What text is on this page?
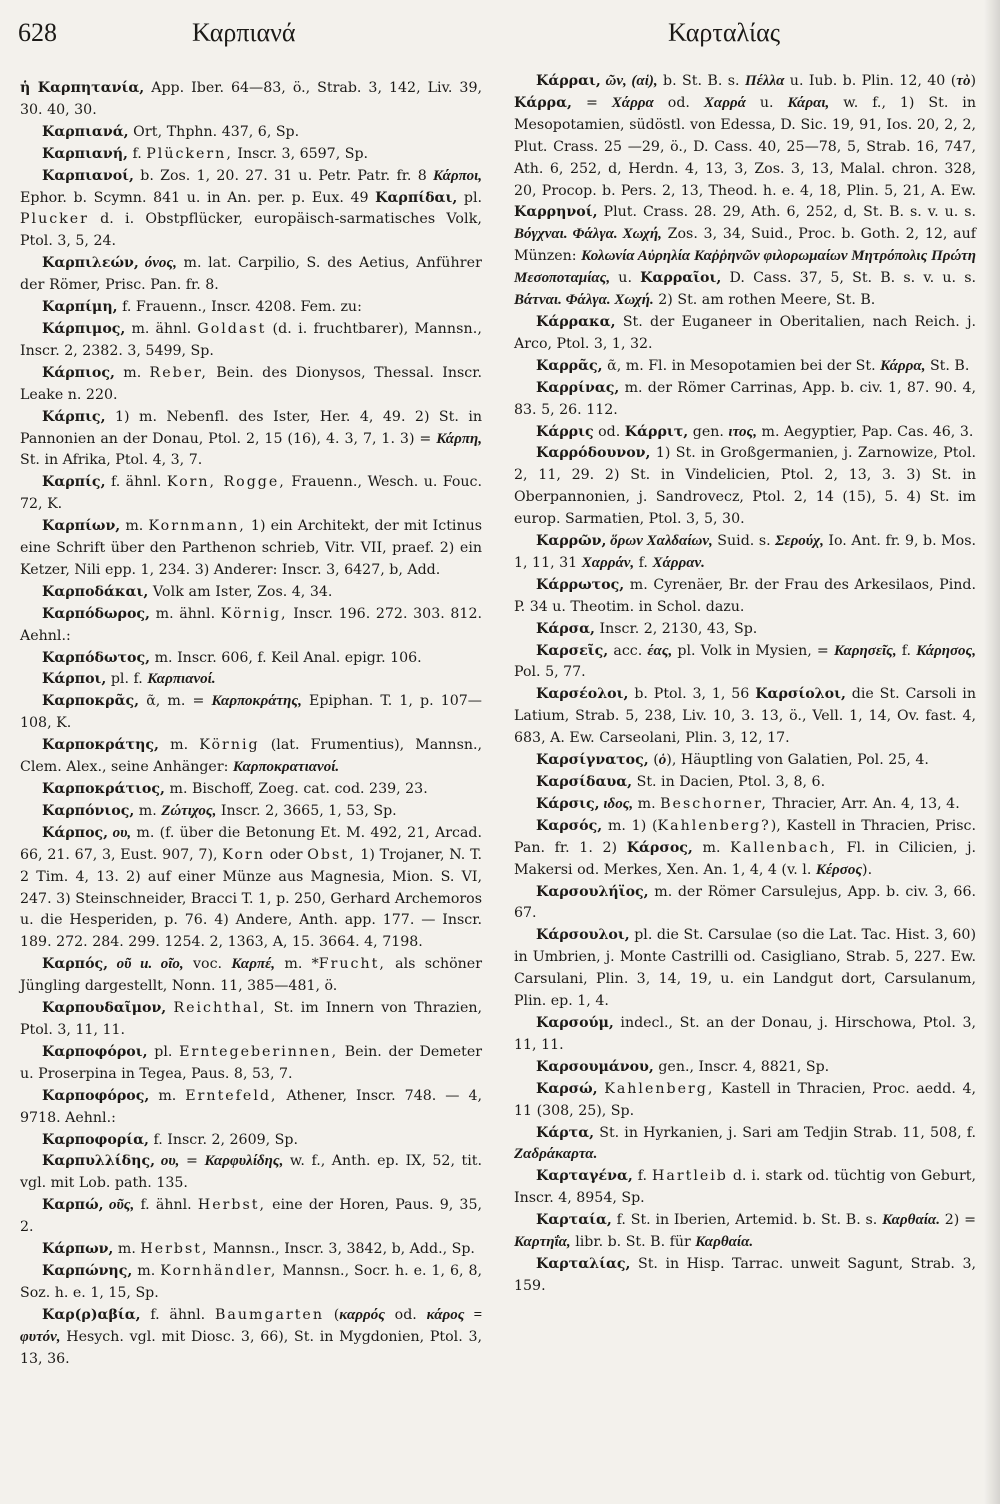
628	Καρπιανά	Καρταλίας

ἡ Καρπητανία, App. Iber. 64—83, ö., Strab. 3, 142, Liv. 39, 30. 40, 30.

Καρπιανά, Ort, Thphn. 437, 6, Sp.

Καρπιανή, f. Plückern, Inscr. 3, 6597, Sp.

Καρπιανοί, b. Zos. 1, 20. 27. 31 u. Petr. Patr. fr. 8 Κάρποι, Ephor. b. Scymn. 841 u. in An. per. p. Eux. 49 Καρπίδαι, pl. Plucker d. i. Obstpflücker, europäisch-sarmatisches Volk, Ptol. 3, 5, 24.

Καρπιλεών, όνος, m. lat. Carpilio, S. des Aetius, Anführer der Römer, Prisc. Pan. fr. 8.

Καρπίμη, f. Frauenn., Inscr. 4208. Fem. zu:

Κάρπιμος, m. ähnl. Goldast (d. i. fruchtbarer), Mannsn., Inscr. 2, 2382. 3, 5499, Sp.

Κάρπιος, m. Reber, Bein. des Dionysos, Thessal. Inscr. Leake n. 220.

Κάρπις, 1) m. Nebenfl. des Ister, Her. 4, 49. 2) St. in Pannonien an der Donau, Ptol. 2, 15 (16), 4. 3, 7, 1. 3) = Κάρπη, St. in Afrika, Ptol. 4, 3, 7.

Καρπίς, f. ähnl. Korn, Rogge, Frauenn., Wesch. u. Fouc. 72, K.

Καρπίων, m. Kornmann, 1) ein Architekt, der mit Ictinus eine Schrift über den Parthenon schrieb, Vitr. VII, praef. 2) ein Ketzer, Nili epp. 1, 234. 3) Anderer: Inscr. 3, 6427, b, Add.

Καρποδάκαι, Volk am Ister, Zos. 4, 34.

Καρπόδωρος, m. ähnl. Körnig, Inscr. 196. 272. 303. 812. Aehnl.:

Καρπόδωτος, m. Inscr. 606, f. Keil Anal. epigr. 106.

Κάρποι, pl. f. Καρπιανοί.

Καρποκρᾶς, ᾶ, m. = Καρποκράτης, Epiphan. T. 1, p. 107—108, K.

Καρποκράτης, m. Körnig (lat. Frumentius), Mannsn., Clem. Alex., seine Anhänger: Καρποκρατιανοί.

Καρποκράτιος, m. Bischoff, Zoeg. cat. cod. 239, 23.

Καρπόνιος, m. Ζώτιχος, Inscr. 2, 3665, 1, 53, Sp.

Κάρπος, ου, m. (f. über die Betonung Et. M. 492, 21, Arcad. 66, 21. 67, 3, Eust. 907, 7), Korn oder Obst, 1) Trojaner, N. T. 2 Tim. 4, 13. 2) auf einer Münze aus Magnesia, Mion. S. VI, 247. 3) Steinschneider, Bracci T. 1, p. 250, Gerhard Archemoros u. die Hesperiden, p. 76. 4) Andere, Anth. app. 177. — Inscr. 189. 272. 284. 299. 1254. 2, 1363, A, 15. 3664. 4, 7198.

Καρπός, οῦ u. οῖο, voc. Καρπέ, m. *Frucht, als schöner Jüngling dargestellt, Nonn. 11, 385—481, ö.

Καρπουδαῖμον, Reichthal, St. im Innern von Thrazien, Ptol. 3, 11, 11.

Καρποφόροι, pl. Erntegeberinnen, Bein. der Demeter u. Proserpina in Tegea, Paus. 8, 53, 7.

Καρποφόρος, m. Erntefeld, Athener, Inscr. 748. — 4, 9718. Aehnl.:

Καρποφορία, f. Inscr. 2, 2609, Sp.

Καρπυλλίδης, ου, = Καρφυλίδης, w. f., Anth. ep. IX, 52, tit. vgl. mit Lob. path. 135.

Καρπώ, οῦς, f. ähnl. Herbst, eine der Horen, Paus. 9, 35, 2.

Κάρπων, m. Herbst, Mannsn., Inscr. 3, 3842, b, Add., Sp.

Καρπώνης, m. Kornhändler, Mannsn., Socr. h. e. 1, 6, 8, Soz. h. e. 1, 15, Sp.

Καρ(ρ)αβία, f. ähnl. Baumgarten (καρρός od. κάρος = φυτόν, Hesych. vgl. mit Diosc. 3, 66), St. in Mygdonien, Ptol. 3, 13, 36.

Κάρραι, ῶν, (αἱ), b. St. B. s. Πέλλα u. Iub. b. Plin. 12, 40 (τὸ) Κάρρα, = Χάρρα od. Χαρρά u. Κάραι, w. f., 1) St. in Mesopotamien, südöstl. von Edessa, D. Sic. 19, 91, Ios. 20, 2, 2, Plut. Crass. 25 —29, ö., D. Cass. 40, 25—78, 5, Strab. 16, 747, Ath. 6, 252, d, Herdn. 4, 13, 3, Zos. 3, 13, Malal. chron. 328, 20, Procop. b. Pers. 2, 13, Theod. h. e. 4, 18, Plin. 5, 21, A. Ew. Καρρηνοί, Plut. Crass. 28. 29, Ath. 6, 252, d, St. B. s. v. u. s. Βόγχναι. Φάλγα. Χωχή, Zos. 3, 34, Suid., Proc. b. Goth. 2, 12, auf Münzen: Κολωνία Αὐρηλία Καῤῥηνῶν φιλορωμαίων Μητρόπολις Πρώτη Μεσοποταμίας, u. Καρραῖοι, D. Cass. 37, 5, St. B. s. v. u. s. Βάτναι. Φάλγα. Χωχή. 2) St. am rothen Meere, St. B.

Κάρρακα, St. der Euganeer in Oberitalien, nach Reich. j. Arco, Ptol. 3, 1, 32.

Καρρᾶς, ᾶ, m. Fl. in Mesopotamien bei der St. Κάρρα, St. B.

Καρρίνας, m. der Römer Carrinas, App. b. civ. 1, 87. 90. 4, 83. 5, 26. 112.

Κάρρις od. Κάρριτ, gen. ιτος, m. Aegyptier, Pap. Cas. 46, 3.

Καρρόδουνον, 1) St. in Großgermanien, j. Zarnowize, Ptol. 2, 11, 29. 2) St. in Vindelicien, Ptol. 2, 13, 3. 3) St. in Oberpannonien, j. Sandrovecz, Ptol. 2, 14 (15), 5. 4) St. im europ. Sarmatien, Ptol. 3, 5, 30.

Καρρῶν, ὅρων Χαλδαίων, Suid. s. Σερούχ, Io. Ant. fr. 9, b. Mos. 1, 11, 31 Χαρράν, f. Χάρραν.

Κάρρωτος, m. Cyrenäer, Br. der Frau des Arkesilaos, Pind. P. 34 u. Theotim. in Schol. dazu.

Κάρσα, Inscr. 2, 2130, 43, Sp.

Καρσεῖς, acc. έας, pl. Volk in Mysien, = Καρησεῖς, f. Κάρησος, Pol. 5, 77.

Καρσέολοι, b. Ptol. 3, 1, 56 Καρσίολοι, die St. Carsoli in Latium, Strab. 5, 238, Liv. 10, 3. 13, ö., Vell. 1, 14, Ov. fast. 4, 683, A. Ew. Carseolani, Plin. 3, 12, 17.

Καρσίγνατος, (ὁ), Häuptling von Galatien, Pol. 25, 4.

Καρσίδαυα, St. in Dacien, Ptol. 3, 8, 6.

Κάρσις, ιδος, m. Beschorner, Thracier, Arr. An. 4, 13, 4.

Καρσός, m. 1) (Kahlenberg?), Kastell in Thracien, Prisc. Pan. fr. 1. 2) Κάρσος, m. Kallenbach, Fl. in Cilicien, j. Makersi od. Merkes, Xen. An. 1, 4, 4 (v. l. Κέρσος).

Καρσουλήϊος, m. der Römer Carsulejus, App. b. civ. 3, 66. 67.

Κάρσουλοι, pl. die St. Carsulae (so die Lat. Tac. Hist. 3, 60) in Umbrien, j. Monte Castrilli od. Casigliano, Strab. 5, 227. Ew. Carsulani, Plin. 3, 14, 19, u. ein Landgut dort, Carsulanum, Plin. ep. 1, 4.

Καρσούμ, indecl., St. an der Donau, j. Hirschowa, Ptol. 3, 11, 11.

Καρσουμάνου, gen., Inscr. 4, 8821, Sp.

Καρσώ, Kahlenberg, Kastell in Thracien, Proc. aedd. 4, 11 (308, 25), Sp.

Κάρτα, St. in Hyrkanien, j. Sari am Tedjin Strab. 11, 508, f. Ζαδράκαρτα.

Καρταγένα, f. Hartleib d. i. stark od. tüchtig von Geburt, Inscr. 4, 8954, Sp.

Καρταία, f. St. in Iberien, Artemid. b. St. B. s. Καρθαία. 2) = Καρτηΐα, libr. b. St. B. für Καρθαία.

Καρταλίας, St. in Hisp. Tarrac. unweit Sagunt, Strab. 3, 159.
